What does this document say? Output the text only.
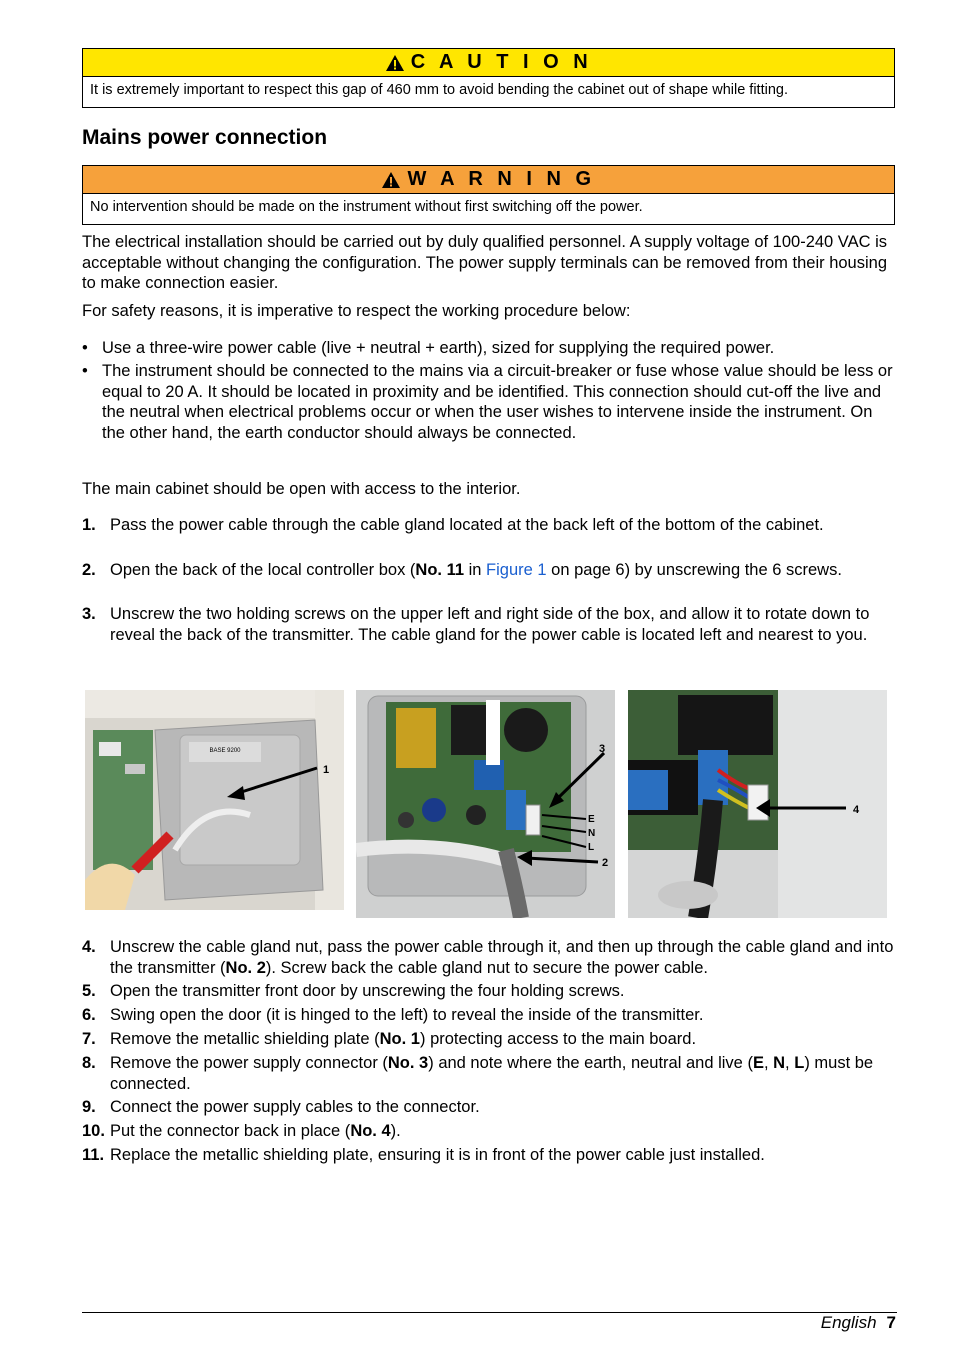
C A U T I O N
It is extremely important to respect this gap of 460 mm to avoid bending the cabinet out of shape while fitting.
Mains power connection
W A R N I N G
No intervention should be made on the instrument without first switching off the power.

The electrical installation should be carried out by duly qualified personnel. A supply voltage of 100-240 VAC is acceptable without changing the configuration. The power supply terminals can be removed from their housing to make connection easier.

For safety reasons, it is imperative to respect the working procedure below:

• Use a three-wire power cable (live + neutral + earth), sized for supplying the required power.
• The instrument should be connected to the mains via a circuit-breaker or fuse whose value should be less or equal to 20 A. It should be located in proximity and be identified. This connection should cut-off the live and the neutral when electrical problems occur or when the user wishes to intervene inside the instrument. On the other hand, the earth conductor should always be connected.

The main cabinet should be open with access to the interior.

1. Pass the power cable through the cable gland located at the back left of the bottom of the cabinet.
2. Open the back of the local controller box (No. 11 in Figure 1 on page 6) by unscrewing the 6 screws.
3. Unscrew the two holding screws on the upper left and right side of the box, and allow it to rotate down to reveal the back of the transmitter. The cable gland for the power cable is located left and nearest to you.
BASE 9200
1
3
E
N
L
2
4
4. Unscrew the cable gland nut, pass the power cable through it, and then up through the cable gland and into the transmitter (No. 2). Screw back the cable gland nut to secure the power cable.
5. Open the transmitter front door by unscrewing the four holding screws.
6. Swing open the door (it is hinged to the left) to reveal the inside of the transmitter.
7. Remove the metallic shielding plate (No. 1) protecting access to the main board.
8. Remove the power supply connector (No. 3) and note where the earth, neutral and live (E, N, L) must be connected.
9. Connect the power supply cables to the connector.
10. Put the connector back in place (No. 4).
11. Replace the metallic shielding plate, ensuring it is in front of the power cable just installed.
English 7
